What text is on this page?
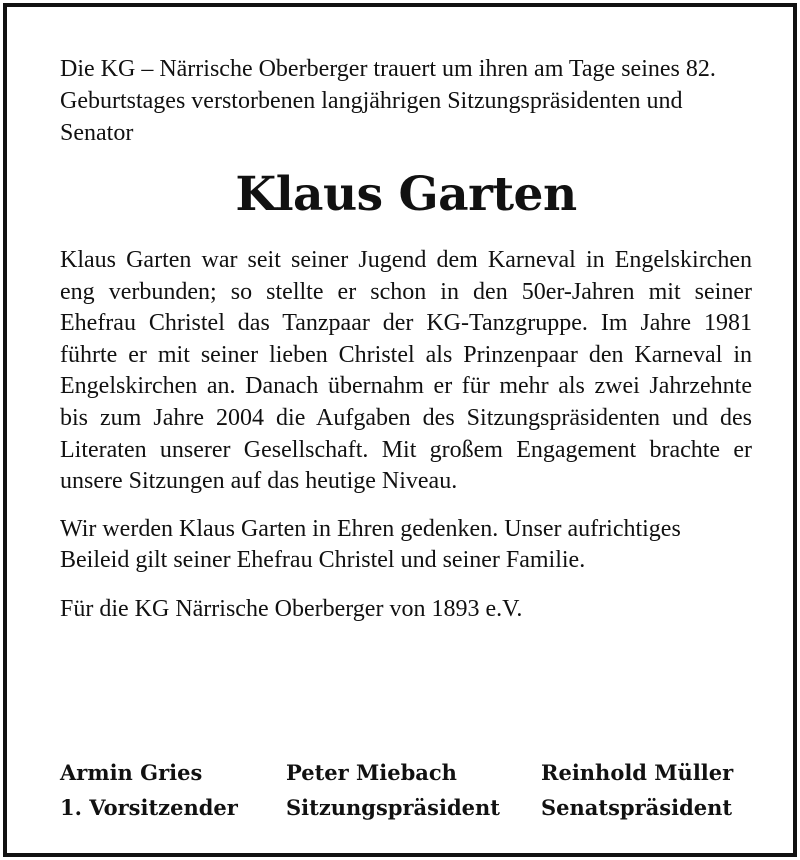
Die KG – Närrische Oberberger trauert um ihren am Tage seines 82. Geburtstages verstorbenen langjährigen Sitzungspräsidenten und Senator

Klaus Garten

Klaus Garten war seit seiner Jugend dem Karneval in Engelskirchen eng verbunden; so stellte er schon in den 50er-Jahren mit seiner Ehefrau Christel das Tanzpaar der KG-Tanzgruppe. Im Jahre 1981 führte er mit seiner lieben Christel als Prinzenpaar den Karneval in Engelskirchen an. Danach übernahm er für mehr als zwei Jahrzehnte bis zum Jahre 2004 die Aufgaben des Sitzungspräsidenten und des Literaten unserer Gesellschaft. Mit großem Engagement brachte er unsere Sitzungen auf das heutige Niveau.

Wir werden Klaus Garten in Ehren gedenken. Unser aufrichtiges Beileid gilt seiner Ehefrau Christel und seiner Familie.

Für die KG Närrische Oberberger von 1893 e.V.

Armin Gries
1. Vorsitzender
Peter Miebach
Sitzungspräsident
Reinhold Müller
Senatspräsident
